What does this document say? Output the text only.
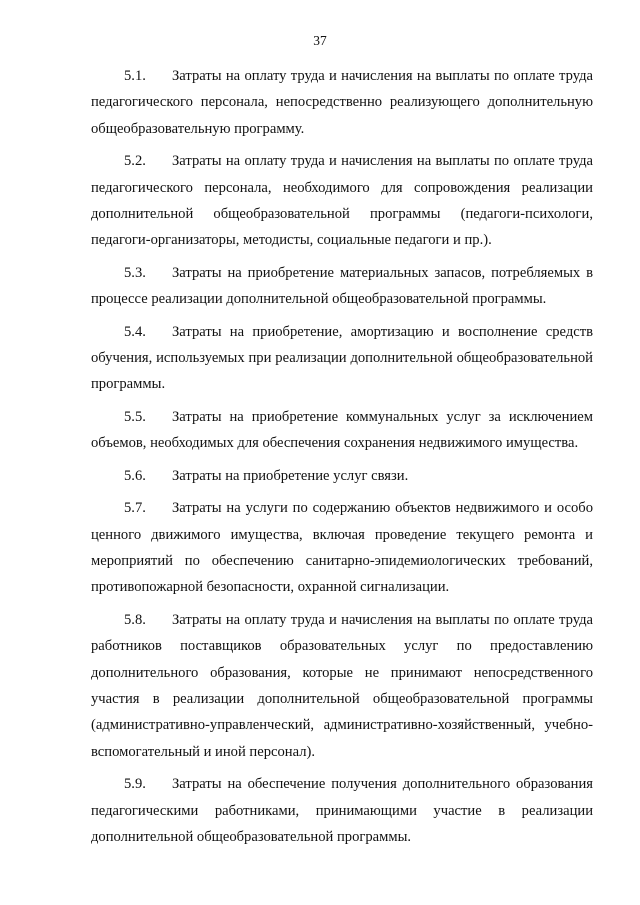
37

5.1. Затраты на оплату труда и начисления на выплаты по оплате труда педагогического персонала, непосредственно реализующего дополнительную общеобразовательную программу.

5.2. Затраты на оплату труда и начисления на выплаты по оплате труда педагогического персонала, необходимого для сопровождения реализации дополнительной общеобразовательной программы (педагоги-психологи, педагоги-организаторы, методисты, социальные педагоги и пр.).

5.3. Затраты на приобретение материальных запасов, потребляемых в процессе реализации дополнительной общеобразовательной программы.

5.4. Затраты на приобретение, амортизацию и восполнение средств обучения, используемых при реализации дополнительной общеобразовательной программы.

5.5. Затраты на приобретение коммунальных услуг за исключением объемов, необходимых для обеспечения сохранения недвижимого имущества.

5.6. Затраты на приобретение услуг связи.

5.7. Затраты на услуги по содержанию объектов недвижимого и особо ценного движимого имущества, включая проведение текущего ремонта и мероприятий по обеспечению санитарно-эпидемиологических требований, противопожарной безопасности, охранной сигнализации.

5.8. Затраты на оплату труда и начисления на выплаты по оплате труда работников поставщиков образовательных услуг по предоставлению дополнительного образования, которые не принимают непосредственного участия в реализации дополнительной общеобразовательной программы (административно-управленческий, административно-хозяйственный, учебно-вспомогательный и иной персонал).

5.9. Затраты на обеспечение получения дополнительного образования педагогическими работниками, принимающими участие в реализации дополнительной общеобразовательной программы.
